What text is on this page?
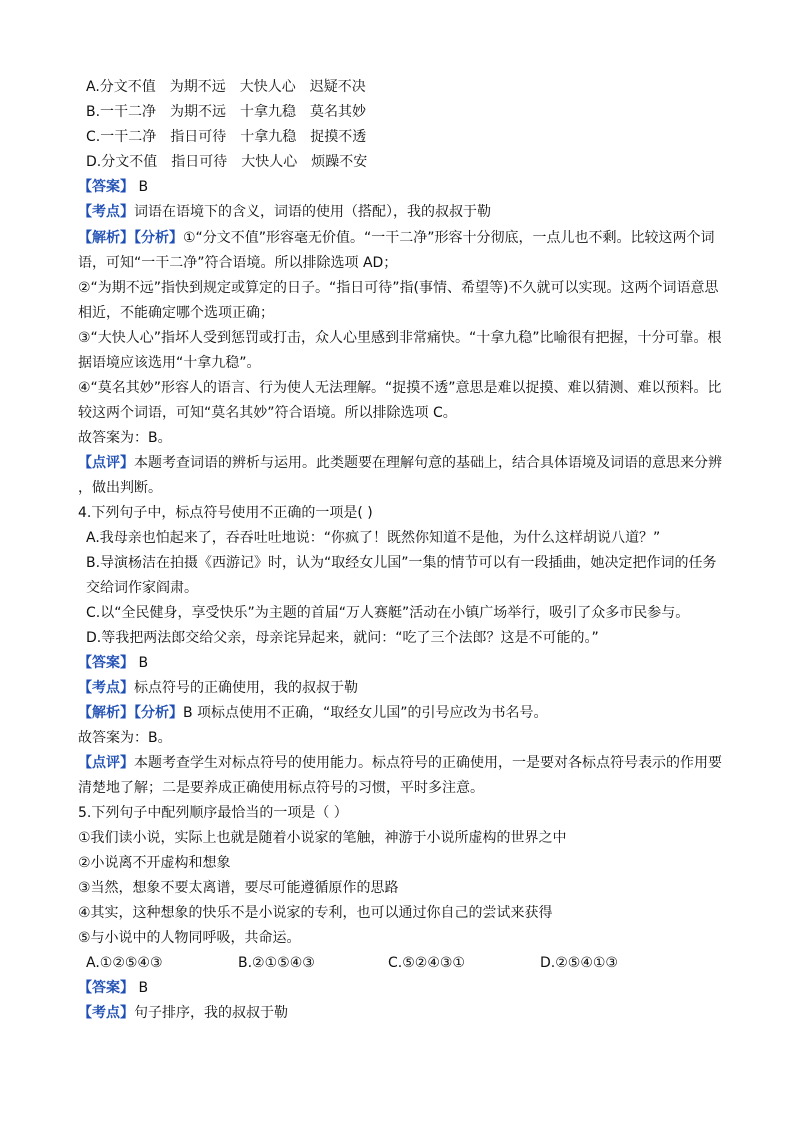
A.分文不值　为期不远　大快人心　迟疑不决
B.一干二净　为期不远　十拿九稳　莫名其妙
C.一干二净　指日可待　十拿九稳　捉摸不透
D.分文不值　指日可待　大快人心　烦躁不安
【答案】 B
【考点】词语在语境下的含义，词语的使用（搭配），我的叔叔于勒
【解析】【分析】①“分文不值”形容毫无价值。“一干二净”形容十分彻底，一点儿也不剩。比较这两个词
语，可知“一干二净”符合语境。所以排除选项 AD；
②“为期不远”指快到规定或算定的日子。“指日可待”指(事情、希望等)不久就可以实现。这两个词语意思
相近，不能确定哪个选项正确；
③“大快人心”指坏人受到惩罚或打击，众人心里感到非常痛快。“十拿九稳”比喻很有把握，十分可靠。根
据语境应该选用“十拿九稳”。
④“莫名其妙”形容人的语言、行为使人无法理解。“捉摸不透”意思是难以捉摸、难以猜测、难以预料。比
较这两个词语，可知“莫名其妙”符合语境。所以排除选项 C。
故答案为：B。
【点评】本题考查词语的辨析与运用。此类题要在理解句意的基础上，结合具体语境及词语的意思来分辨
，做出判断。
4.下列句子中，标点符号使用不正确的一项是( )
A.我母亲也怕起来了，吞吞吐吐地说：“你疯了！既然你知道不是他，为什么这样胡说八道？”
B.导演杨洁在拍摄《西游记》时，认为“取经女儿国”一集的情节可以有一段插曲，她决定把作词的任务
交给词作家阎肃。
C.以“全民健身，享受快乐”为主题的首届“万人赛艇”活动在小镇广场举行，吸引了众多市民参与。
D.等我把两法郎交给父亲，母亲诧异起来，就问：“吃了三个法郎？这是不可能的。”
【答案】 B
【考点】标点符号的正确使用，我的叔叔于勒
【解析】【分析】B 项标点使用不正确，“取经女儿国”的引号应改为书名号。
故答案为：B。
【点评】本题考查学生对标点符号的使用能力。标点符号的正确使用，一是要对各标点符号表示的作用要
清楚地了解；二是要养成正确使用标点符号的习惯，平时多注意。
5.下列句子中配列顺序最恰当的一项是（ ）
①我们读小说，实际上也就是随着小说家的笔触，神游于小说所虚构的世界之中
②小说离不开虚构和想象
③当然，想象不要太离谱，要尽可能遵循原作的思路
④其实，这种想象的快乐不是小说家的专利，也可以通过你自己的尝试来获得
⑤与小说中的人物同呼吸，共命运。
A.①②⑤④③	B.②①⑤④③	C.⑤②④③①	D.②⑤④①③
【答案】 B
【考点】句子排序，我的叔叔于勒
